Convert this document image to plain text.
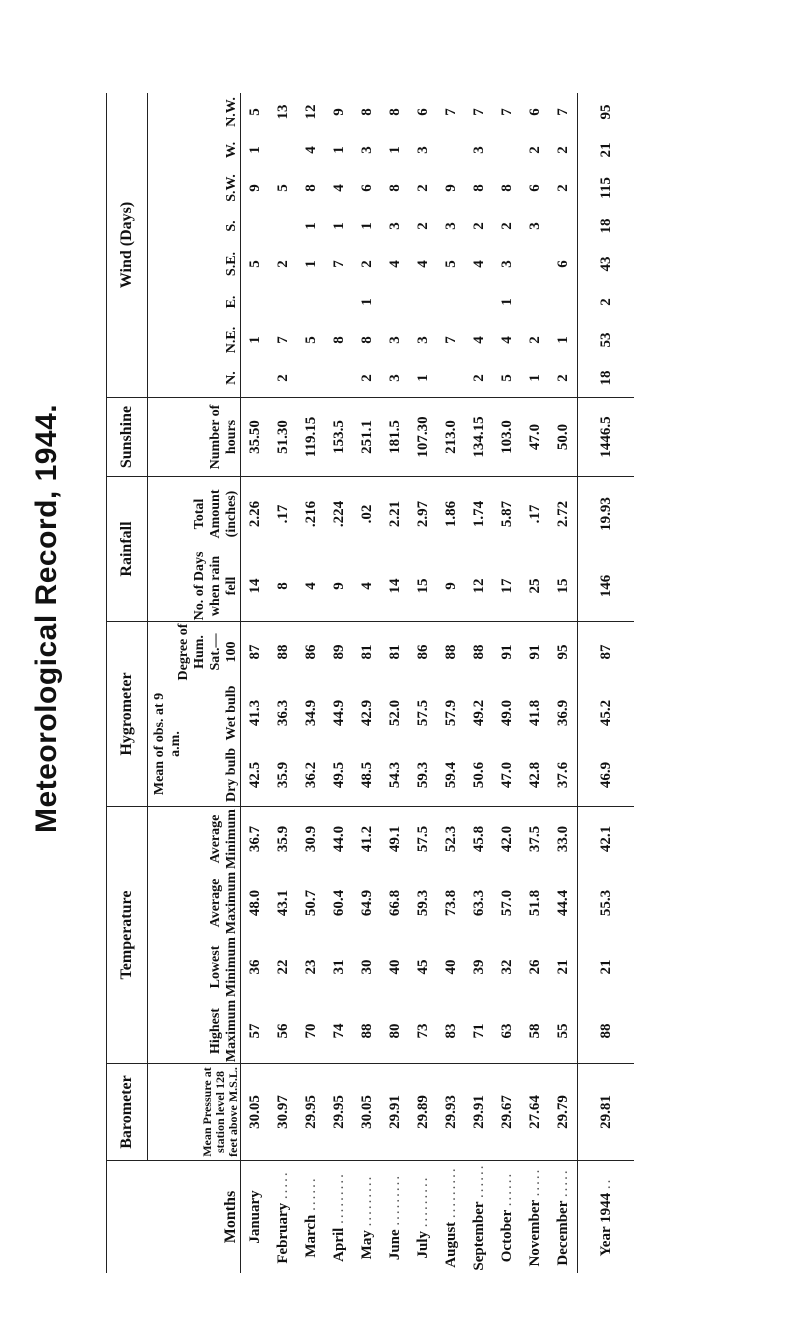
Meteorological Record, 1944.
Months	Barometer	Temperature				Hygrometer			Rainfall		Sunshine	Wind (Days)							
	Mean Pressure at station level 128 feet above M.S.L.	Highest Maximum	Lowest Minimum	Average Maximum	Average Minimum	Mean of obs. at 9 a.m.		Degree of Hum. Sat.— 100	No. of Days when rain fell	Total Amount (inches)	Number of hours	N.	N.E.	E.	S.E.	S.	S.W.	W.	N.W.
						Dry bulb	Wet bulb												
January	30.05	57	36	48.0	36.7	42.5	41.3	87	14	2.26	35.50		1		5		9	1	5
February .....	30.97	56	22	43.1	35.9	35.9	36.3	88	8	.17	51.30	2	7		2		5		13
March ......	29.95	70	23	50.7	30.9	36.2	34.9	86	4	.216	119.15		5		1	1	8	4	12
April .........	29.95	74	31	60.4	44.0	49.5	44.9	89	9	.224	153.5		8		7	1	4	1	9
May .........	30.05	88	30	64.9	41.2	48.5	42.9	81	4	.02	251.1	2	8	1	2	1	6	3	8
June .........	29.91	80	40	66.8	49.1	54.3	52.0	81	14	2.21	181.5	3	3		4	3	8	1	8
July .........	29.89	73	45	59.3	57.5	59.3	57.5	86	15	2.97	107.30	1	3		4	2	2	3	6
August .........	29.93	83	40	73.8	52.3	59.4	57.9	88	9	1.86	213.0		7		5	3	9		7
September ......	29.91	71	39	63.3	45.8	50.6	49.2	88	12	1.74	134.15	2	4		4	2	8	3	7
October ......	29.67	63	32	57.0	42.0	47.0	49.0	91	17	5.87	103.0	5	4	1	3	2	8		7
November .....	27.64	58	26	51.8	37.5	42.8	41.8	91	25	.17	47.0	1	2			3	6	2	6
December .....	29.79	55	21	44.4	33.0	37.6	36.9	95	15	2.72	50.0	2	1		6		2	2	7
Year 1944 ..	29.81	88	21	55.3	42.1	46.9	45.2	87	146	19.93	1446.5	18	53	2	43	18	115	21	95
